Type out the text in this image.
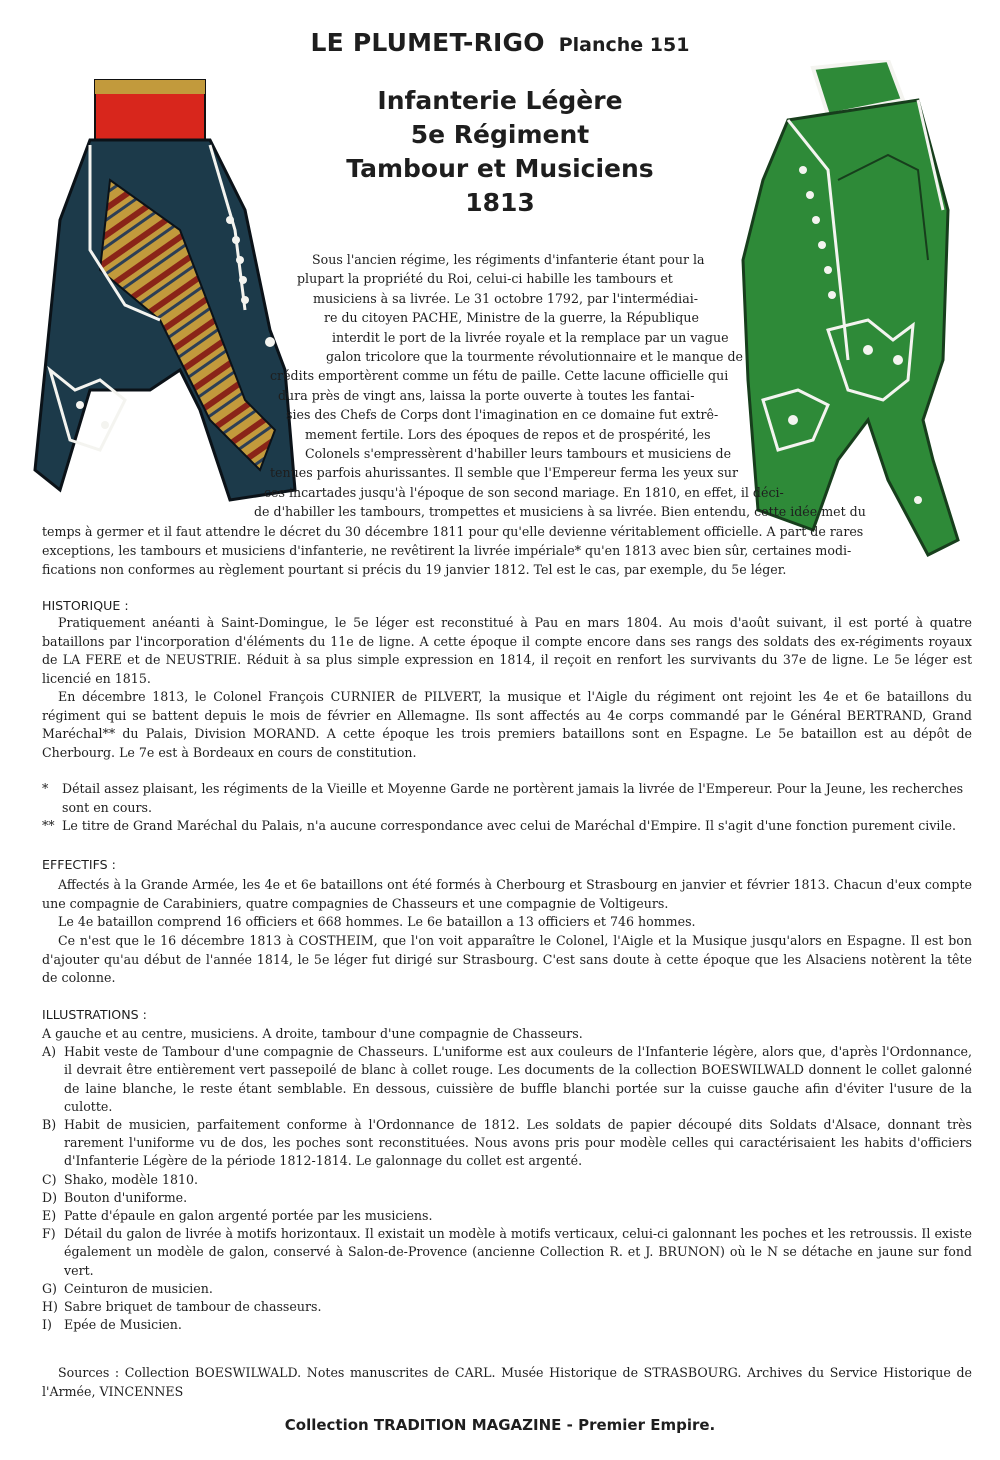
LE PLUMET-RIGO Planche 151
Infanterie Légère
5e Régiment
Tambour et Musiciens
1813
Sous l'ancien régime, les régiments d'infanterie étant pour la
plupart la propriété du Roi, celui-ci habille les tambours et
musiciens à sa livrée. Le 31 octobre 1792, par l'intermédiai-
re du citoyen PACHE, Ministre de la guerre, la République
interdit le port de la livrée royale et la remplace par un vague
galon tricolore que la tourmente révolutionnaire et le manque de
crédits emportèrent comme un fétu de paille. Cette lacune officielle qui
dura près de vingt ans, laissa la porte ouverte à toutes les fantai-
sies des Chefs de Corps dont l'imagination en ce domaine fut extrê-
mement fertile. Lors des époques de repos et de prospérité, les
Colonels s'empressèrent d'habiller leurs tambours et musiciens de
tenues parfois ahurissantes. Il semble que l'Empereur ferma les yeux sur
ces incartades jusqu'à l'époque de son second mariage. En 1810, en effet, il déci-
de d'habiller les tambours, trompettes et musiciens à sa livrée. Bien entendu, cette idée met du
temps à germer et il faut attendre le décret du 30 décembre 1811 pour qu'elle devienne véritablement officielle. A part de rares
exceptions, les tambours et musiciens d'infanterie, ne revêtirent la livrée impériale* qu'en 1813 avec bien sûr, certaines modi-
fications non conformes au règlement pourtant si précis du 19 janvier 1812. Tel est le cas, par exemple, du 5e léger.
HISTORIQUE :
Pratiquement anéanti à Saint-Domingue, le 5e léger est reconstitué à Pau en mars 1804. Au mois d'août suivant, il est porté à quatre bataillons par l'incorporation d'éléments du 11e de ligne. A cette époque il compte encore dans ses rangs des soldats des ex-régiments royaux de LA FERE et de NEUSTRIE. Réduit à sa plus simple expression en 1814, il reçoit en renfort les survivants du 37e de ligne. Le 5e léger est licencié en 1815.
En décembre 1813, le Colonel François CURNIER de PILVERT, la musique et l'Aigle du régiment ont rejoint les 4e et 6e bataillons du régiment qui se battent depuis le mois de février en Allemagne. Ils sont affectés au 4e corps commandé par le Général BERTRAND, Grand Maréchal** du Palais, Division MORAND. A cette époque les trois premiers bataillons sont en Espagne. Le 5e bataillon est au dépôt de Cherbourg. Le 7e est à Bordeaux en cours de constitution.
*	Détail assez plaisant, les régiments de la Vieille et Moyenne Garde ne portèrent jamais la livrée de l'Empereur. Pour la Jeune, les recherches sont en cours.
** Le titre de Grand Maréchal du Palais, n'a aucune correspondance avec celui de Maréchal d'Empire. Il s'agit d'une fonction purement civile.
EFFECTIFS :
Affectés à la Grande Armée, les 4e et 6e bataillons ont été formés à Cherbourg et Strasbourg en janvier et février 1813. Chacun d'eux compte une compagnie de Carabiniers, quatre compagnies de Chasseurs et une compagnie de Voltigeurs.
Le 4e bataillon comprend 16 officiers et 668 hommes. Le 6e bataillon a 13 officiers et 746 hommes.
Ce n'est que le 16 décembre 1813 à COSTHEIM, que l'on voit apparaître le Colonel, l'Aigle et la Musique jusqu'alors en Espagne. Il est bon d'ajouter qu'au début de l'année 1814, le 5e léger fut dirigé sur Strasbourg. C'est sans doute à cette époque que les Alsaciens notèrent la tête de colonne.
ILLUSTRATIONS :
A gauche et au centre, musiciens. A droite, tambour d'une compagnie de Chasseurs.
A) Habit veste de Tambour d'une compagnie de Chasseurs. L'uniforme est aux couleurs de l'Infanterie légère, alors que, d'après l'Ordonnance, il devrait être entièrement vert passepoilé de blanc à collet rouge. Les documents de la collection BOESWILWALD donnent le collet galonné de laine blanche, le reste étant semblable. En dessous, cuissière de buffle blanchi portée sur la cuisse gauche afin d'éviter l'usure de la culotte.
B) Habit de musicien, parfaitement conforme à l'Ordonnance de 1812. Les soldats de papier découpé dits Soldats d'Alsace, donnant très rarement l'uniforme vu de dos, les poches sont reconstituées. Nous avons pris pour modèle celles qui caractérisaient les habits d'officiers d'Infanterie Légère de la période 1812-1814. Le galonnage du collet est argenté.
C) Shako, modèle 1810.
D) Bouton d'uniforme.
E) Patte d'épaule en galon argenté portée par les musiciens.
F) Détail du galon de livrée à motifs horizontaux. Il existait un modèle à motifs verticaux, celui-ci galonnant les poches et les retroussis. Il existe également un modèle de galon, conservé à Salon-de-Provence (ancienne Collection R. et J. BRUNON) où le N se détache en jaune sur fond vert.
G) Ceinturon de musicien.
H) Sabre briquet de tambour de chasseurs.
I) Epée de Musicien.
Sources : Collection BOESWILWALD. Notes manuscrites de CARL. Musée Historique de STRASBOURG. Archives du Service Historique de l'Armée, VINCENNES
Collection TRADITION MAGAZINE - Premier Empire.
